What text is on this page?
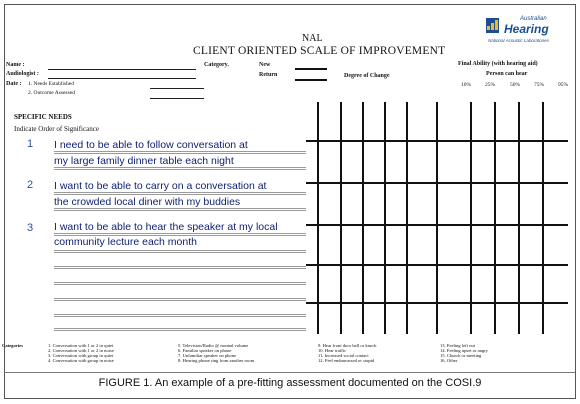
NAL
CLIENT ORIENTED SCALE OF IMPROVEMENT
Australian
Hearing
National Acoustic Laboratories
Name :
Audiologist :
Date : 1. Needs Established
2. Outcome Assessed
Category.	New
Return	Degree of Change
Final Ability (with hearing aid)
Person can hear
10%	25%	50%	75%	95%
SPECIFIC NEEDS
Indicate Order of Significance
1 I need to be able to follow conversation at
my large family dinner table each night
2 I want to be able to carry on a conversation at
the crowded local diner with my buddies
3 I want to be able to hear the speaker at my local
community lecture each month
Categories	1. Conversation with 1 or 2 in quiet
2. Conversation with 1 or 2 in noise
3. Conversation with group in quiet
4. Conversation with group in noise
5. Television/Radio @ normal volume
6. Familiar speaker on phone
7. Unfamiliar speaker on phone
8. Hearing phone ring from another room
9. Hear front door bell or knock
10. Hear traffic
11. Increased social contact
12. Feel embarrassed or stupid
13. Feeling left out
14. Feeling upset or angry
15. Church or meeting
16. Other
FIGURE 1. An example of a pre-fitting assessment documented on the COSI.9
